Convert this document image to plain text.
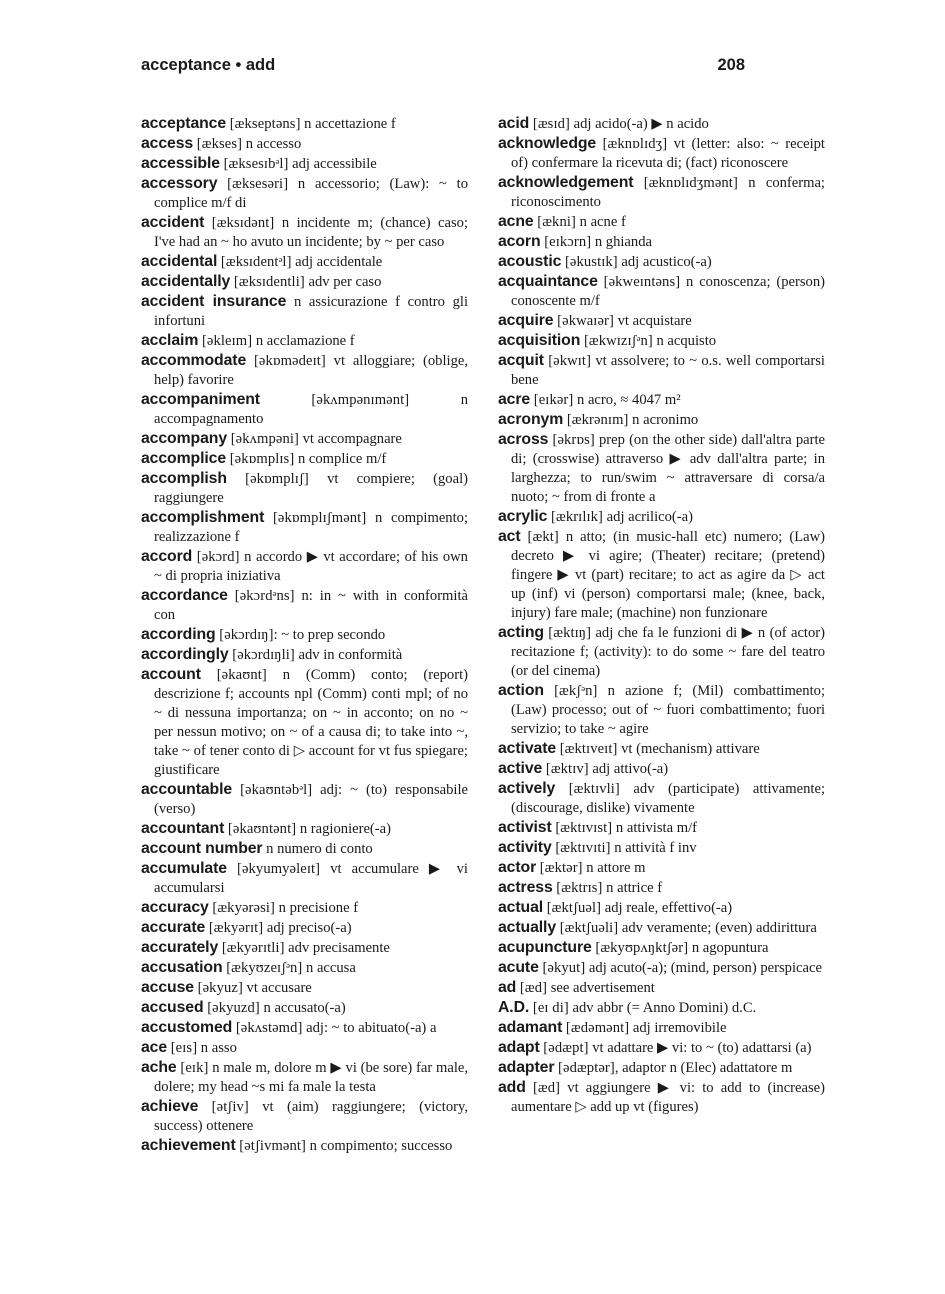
acceptance • add	208

acceptance [ækseptəns] n accettazione f

access [ækses] n accesso

accessible [æksesɪbᵊl] adj accessibile

accessory [æksesəri] n accessorio; (Law): ~ to complice m/f di

accident [æksɪdənt] n incidente m; (chance) caso; I've had an ~ ho avuto un incidente; by ~ per caso

accidental [æksɪdentᵊl] adj accidentale

accidentally [æksɪdentli] adv per caso

accident insurance n assicurazione f contro gli infortuni

acclaim [əkleɪm] n acclamazione f

accommodate [əkɒmədeɪt] vt alloggiare; (oblige, help) favorire

accompaniment	[əkʌmpənɪmənt] n accompagnamento

accompany [əkʌmpəni] vt accompagnare

accomplice [əkɒmplɪs] n complice m/f

accomplish [əkɒmplɪʃ] vt compiere; (goal) raggiungere

accomplishment [əkɒmplɪʃmənt] n compimento; realizzazione f

accord [əkɔrd] n accordo ▶ vt accordare; of his own ~ di propria iniziativa

accordance [əkɔrdᵊns] n: in ~ with in conformità con

according [əkɔrdɪŋ]: ~ to prep secondo

accordingly [əkɔrdɪŋli] adv in conformità

account [əkaʊnt] n (Comm) conto; (report) descrizione f; accounts npl (Comm) conti mpl; of no ~ di nessuna importanza; on ~ in acconto; on no ~ per nessun motivo; on ~ of a causa di; to take into ~, take ~ of tener conto di ▷ account for vt fus spiegare; giustificare

accountable [əkaʊntəbᵊl] adj: ~ (to) responsabile (verso)

accountant [əkaʊntənt] n ragioniere(-a)

account number n numero di conto

accumulate [əkyumyəleɪt] vt accumulare ▶ vi accumularsi

accuracy [ækyərəsi] n precisione f

accurate [ækyərɪt] adj preciso(-a)

accurately [ækyərɪtli] adv precisamente

accusation [ækyʊzeɪʃᵊn] n accusa

accuse [əkyuz] vt accusare

accused [əkyuzd] n accusato(-a)

accustomed [əkʌstəmd] adj: ~ to abituato(-a) a

ace [eɪs] n asso

ache [eɪk] n male m, dolore m ▶ vi (be sore) far male, dolere; my head ~s mi fa male la testa

achieve [ətʃiv] vt (aim) raggiungere; (victory, success) ottenere

achievement [ətʃivmənt] n compimento; successo

acid [æsɪd] adj acido(-a) ▶ n acido

acknowledge [æknɒlɪdʒ] vt (letter: also: ~ receipt of) confermare la ricevuta di; (fact) riconoscere

acknowledgement [æknɒlɪdʒmənt] n conferma; riconoscimento

acne [ækni] n acne f

acorn [eɪkɔrn] n ghianda

acoustic [əkustɪk] adj acustico(-a)

acquaintance [əkweɪntəns] n conoscenza; (person) conoscente m/f

acquire [əkwaɪər] vt acquistare

acquisition [ækwɪzɪʃᵊn] n acquisto

acquit [əkwɪt] vt assolvere; to ~ o.s. well comportarsi bene

acre [eɪkər] n acro, ≈ 4047 m²

acronym [ækrənɪm] n acronimo

across [əkrɒs] prep (on the other side) dall'altra parte di; (crosswise) attraverso ▶ adv dall'altra parte; in larghezza; to run/swim ~ attraversare di corsa/a nuoto; ~ from di fronte a

acrylic [ækrɪlɪk] adj acrilico(-a)

act [ækt] n atto; (in music-hall etc) numero; (Law) decreto ▶ vi agire; (Theater) recitare; (pretend) fingere ▶ vt (part) recitare; to act as agire da ▷ act up (inf) vi (person) comportarsi male; (knee, back, injury) fare male; (machine) non funzionare

acting [æktɪŋ] adj che fa le funzioni di ▶ n (of actor) recitazione f; (activity): to do some ~ fare del teatro (or del cinema)

action [ækʃᵊn] n azione f; (Mil) combattimento; (Law) processo; out of ~ fuori combattimento; fuori servizio; to take ~ agire

activate [æktɪveɪt] vt (mechanism) attivare

active [æktɪv] adj attivo(-a)

actively [æktɪvli] adv (participate) attivamente; (discourage, dislike) vivamente

activist [æktɪvɪst] n attivista m/f

activity [æktɪvɪti] n attività f inv

actor [æktər] n attore m

actress [æktrɪs] n attrice f

actual [æktʃuəl] adj reale, effettivo(-a)

actually [æktʃuəli] adv veramente; (even) addirittura

acupuncture [ækyʊpʌŋktʃər] n agopuntura

acute [əkyut] adj acuto(-a); (mind, person) perspicace

ad [æd] see advertisement

A.D. [eɪ di] adv abbr (= Anno Domini) d.C.

adamant [ædəmənt] adj irremovibile

adapt [ədæpt] vt adattare ▶ vi: to ~ (to) adattarsi (a)

adapter [ədæptər], adaptor n (Elec) adattatore m

add [æd] vt aggiungere ▶ vi: to add to (increase) aumentare ▷ add up vt (figures)
